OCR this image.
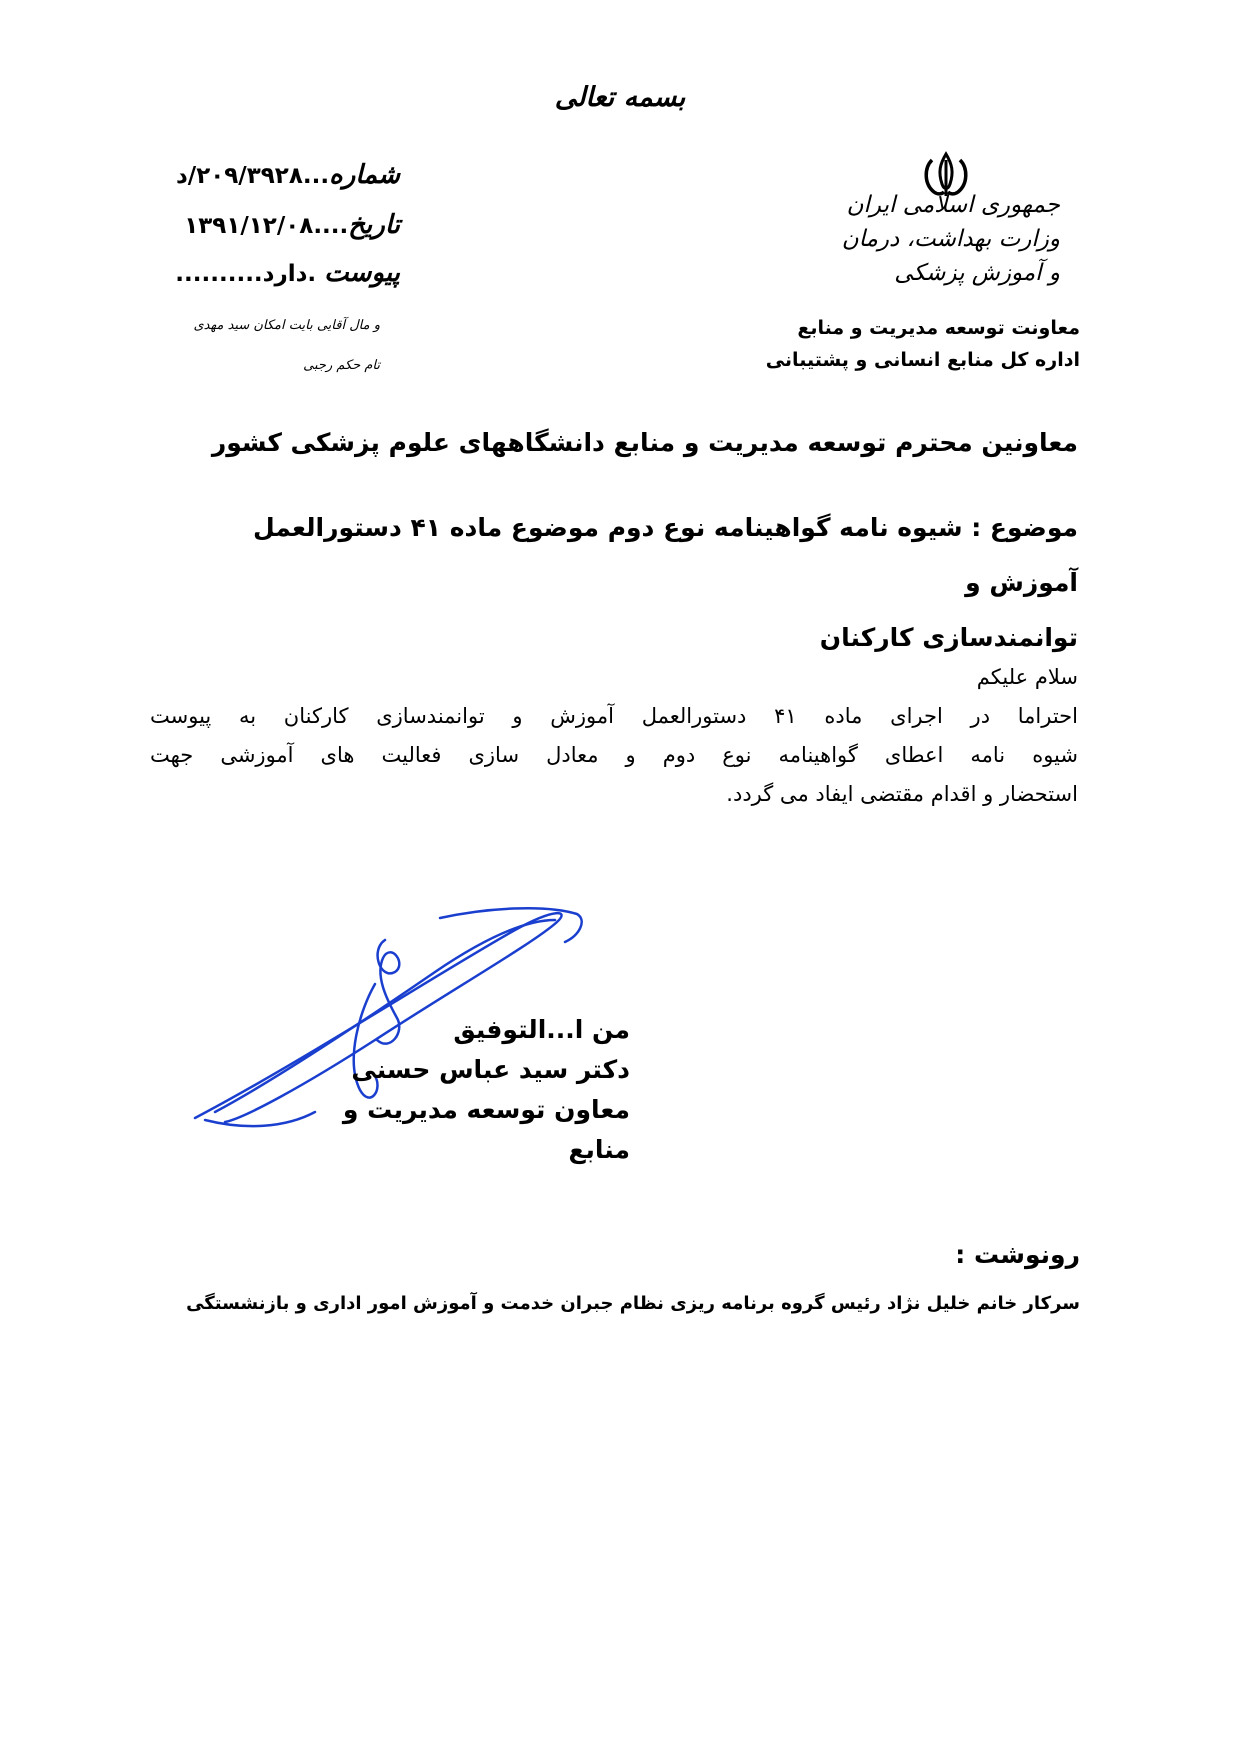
بسمه تعالی
جمهوری اسلامی ایران
وزارت بهداشت، درمان و آموزش پزشکی
معاونت توسعه مدیریت و منابع
اداره کل منابع انسانی و پشتیبانی
شماره...۲۰۹/۳۹۲۸/د
تاریخ....۱۳۹۱/۱۲/۰۸
پیوست .دارد..........
و مال آقایی بایت امکان سید مهدی
تام حکم رجبی
معاونین محترم توسعه مدیریت و منابع دانشگاههای علوم پزشکی کشور
موضوع : شیوه نامه گواهینامه نوع دوم موضوع ماده ۴۱ دستورالعمل آموزش و
توانمندسازی کارکنان
سلام علیکم
احتراما در اجرای ماده ۴۱ دستورالعمل آموزش و توانمندسازی کارکنان به پیوست
شیوه نامه اعطای گواهینامه نوع دوم و معادل سازی فعالیت های آموزشی جهت
استحضار و اقدام مقتضی ایفاد می گردد.
من ا...التوفیق
دکتر سید عباس حسنی
معاون توسعه مدیریت و منابع
رونوشت :
سرکار خانم خلیل نژاد رئیس گروه برنامه ریزی نظام جبران خدمت و آموزش امور اداری و بازنشستگی
